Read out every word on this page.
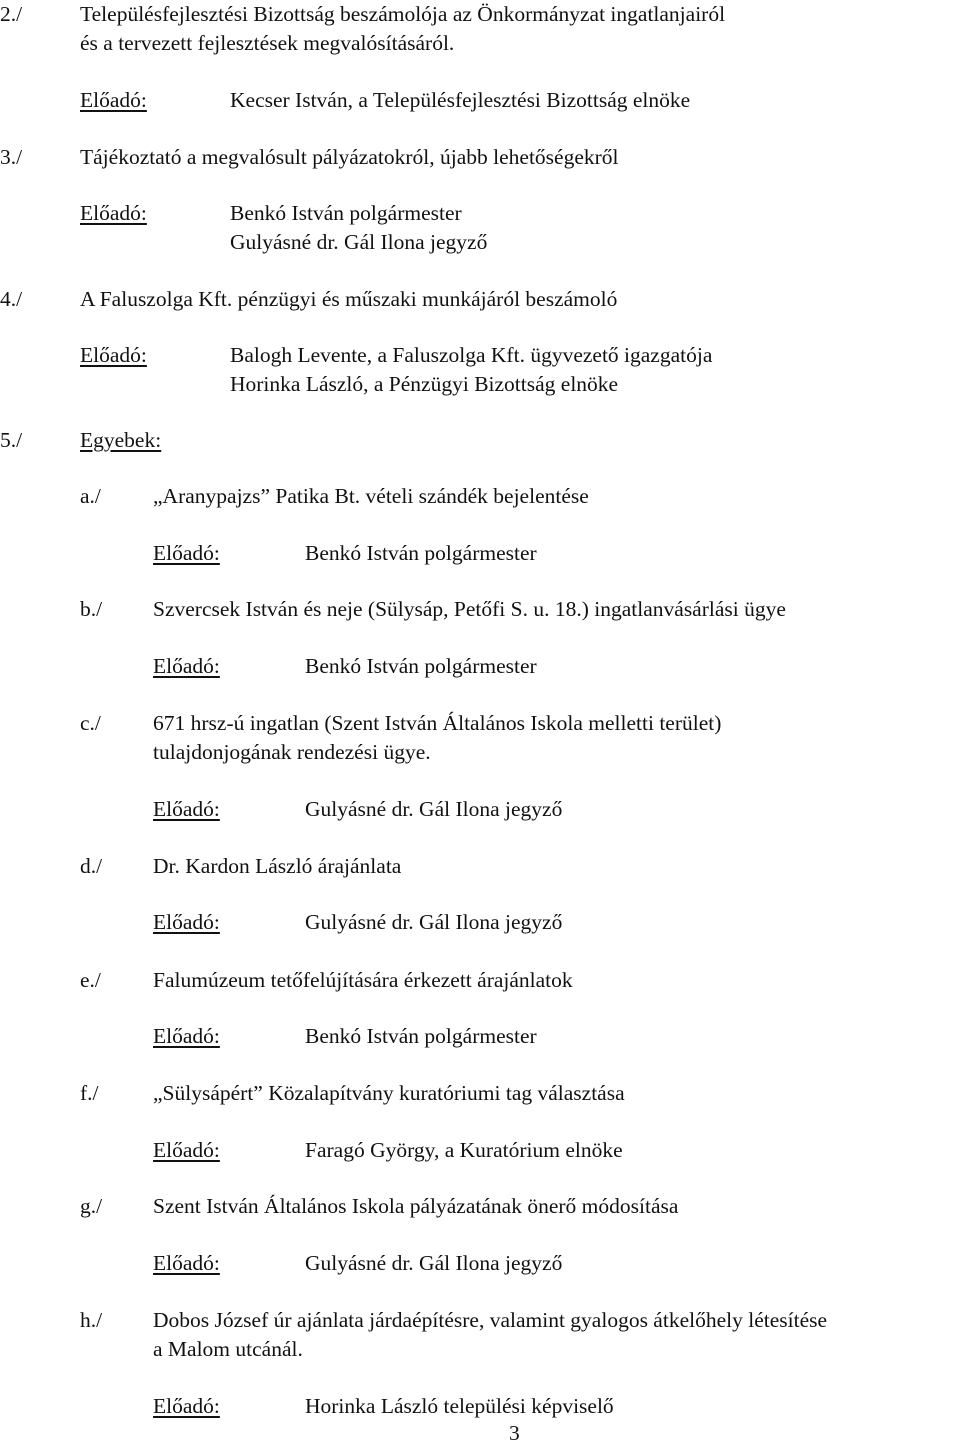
2./	Településfejlesztési Bizottság beszámolója az Önkormányzat ingatlanjairól
és a tervezett fejlesztések megvalósításáról.
Előadó:	Kecser István, a Településfejlesztési Bizottság elnöke
3./	Tájékoztató a megvalósult pályázatokról, újabb lehetőségekről
Előadó:	Benkó István polgármester
Gulyásné dr. Gál Ilona jegyző
4./	A Faluszolga Kft. pénzügyi és műszaki munkájáról beszámoló
Előadó:	Balogh Levente, a Faluszolga Kft. ügyvezető igazgatója
Horinka László, a Pénzügyi Bizottság elnöke
5./	Egyebek:
a./ „Aranypajzs” Patika Bt. vételi szándék bejelentése
Előadó:	Benkó István polgármester
b./ Szvercsek István és neje (Sülysáp, Petőfi S. u. 18.) ingatlanvásárlási ügye
Előadó:	Benkó István polgármester
c./ 671 hrsz-ú ingatlan (Szent István Általános Iskola melletti terület)
tulajdonjogának rendezési ügye.
Előadó:	Gulyásné dr. Gál Ilona jegyző
d./ Dr. Kardon László árajánlata
Előadó:	Gulyásné dr. Gál Ilona jegyző
e./ Falumúzeum tetőfelújítására érkezett árajánlatok
Előadó:	Benkó István polgármester
f./	„Sülysápért” Közalapítvány kuratóriumi tag választása
Előadó:	Faragó György, a Kuratórium elnöke
g./ Szent István Általános Iskola pályázatának önerő módosítása
Előadó:	Gulyásné dr. Gál Ilona jegyző
h./ Dobos József úr ajánlata járdaépítésre, valamint gyalogos átkelőhely létesítése
a Malom utcánál.
Előadó:	Horinka László települési képviselő
3
